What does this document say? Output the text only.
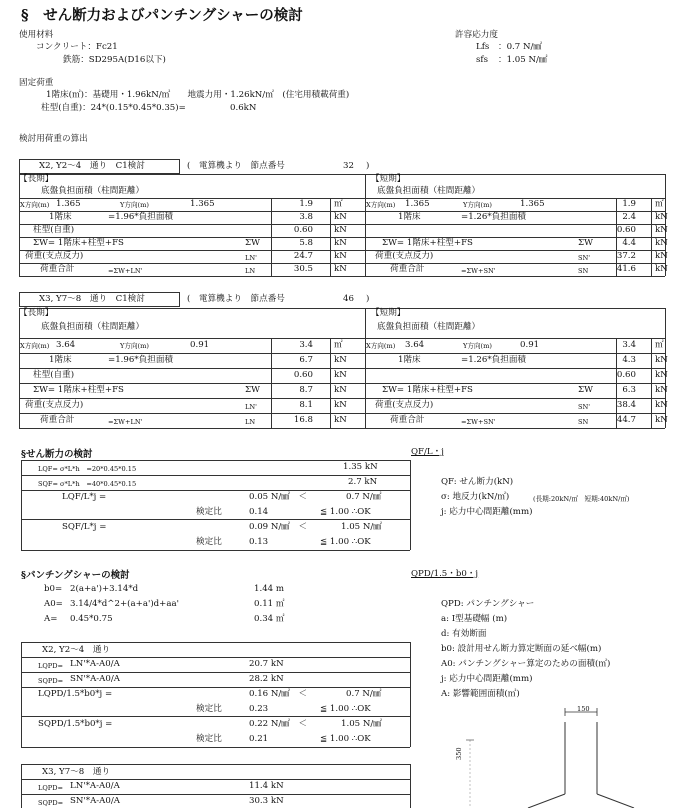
§　せん断力およびパンチングシャーの検討
使用材料
コンクリート：Fc21
鉄筋：SD295A(D16以下)
許容応力度
Lfs ：0.7 N/㎟
sfs ：1.05 N/㎟
固定荷重
1階床(㎡)：基礎用・1.96kN/㎡　　地震力用・1.26kN/㎡　(住宅用積載荷重)
柱型(自重)：24*(0.15*0.45*0.35)=	0.6kN
検討用荷重の算出
X2, Y2～4　通り　C1検討	(　電算機より　節点番号	32 )
【長期】	【短期】
底盤負担面積（柱間距離）	底盤負担面積（柱間距離）
X方向(m) 1.365	Y方向(m)	1.365	1.9 ㎡
1階床	=1.96*負担面積	3.8 kN
柱型(自重)	0.60 kN
ΣW= 1階床+柱型+FS	ΣW	5.8 kN
荷重(支点反力)	LN'	24.7 kN
荷重合計	=ΣW+LN'	LN	30.5 kN
X方向(m) 1.365	Y方向(m)	1.365	1.9 ㎡
1階床	=1.26*負担面積	2.4 kN
0.60 kN
ΣW= 1階床+柱型+FS	ΣW	4.4 kN
荷重(支点反力)	SN'	37.2 kN
荷重合計	=ΣW+SN'	SN	41.6 kN
X3, Y7～8　通り　C1検討	(　電算機より　節点番号	46 )
【長期】	【短期】
底盤負担面積（柱間距離）	底盤負担面積（柱間距離）
X方向(m) 3.64	Y方向(m)	0.91	3.4 ㎡
1階床	=1.96*負担面積	6.7 kN
柱型(自重)	0.60 kN
ΣW= 1階床+柱型+FS	ΣW	8.7 kN
荷重(支点反力)	LN'	8.1 kN
荷重合計	=ΣW+LN'	LN	16.8 kN
X方向(m) 3.64	Y方向(m)	0.91	3.4 ㎡
1階床	=1.26*負担面積	4.3 kN
0.60 kN
ΣW= 1階床+柱型+FS	ΣW	6.3 kN
荷重(支点反力)	SN'	38.4 kN
荷重合計	=ΣW+SN'	SN	44.7 kN
§せん断力の検討	QF/L・j
LQF= σ*L*h　=20*0.45*0.15	1.35 kN
SQF= σ*L*h　=40*0.45*0.15	2.7 kN
LQF/L*j =	0.05 N/㎟　＜	0.7 N/㎟
検定比	0.14	≦ 1.00 ∴OK
SQF/L*j =	0.09 N/㎟　＜	1.05 N/㎟
検定比	0.13	≦ 1.00 ∴OK
QF: せん断力(kN)
σ: 地反力(kN/㎡)	(長期:20kN/㎡　短期:40kN/㎡)
j: 応力中心間距離(mm)
§パンチングシャーの検討	QPD/1.5・b0・j
b0= 2(a+a')+3.14*d	1.44 m
A0= 3.14/4*d^2+(a+a')d+aa'	0.11 ㎡
A= 0.45*0.75	0.34 ㎡
X2, Y2～4　通り
LQPD= LN'*A-A0/A	20.7 kN
SQPD= SN'*A-A0/A	28.2 kN
LQPD/1.5*b0*j =	0.16 N/㎟　＜	0.7 N/㎟
検定比	0.23	≦ 1.00 ∴OK
SQPD/1.5*b0*j =	0.22 N/㎟　＜	1.05 N/㎟
検定比	0.21	≦ 1.00 ∴OK
X3, Y7～8　通り
LQPD= LN'*A-A0/A	11.4 kN
SQPD= SN'*A-A0/A	30.3 kN
QPD: パンチングシャー
a: I型基礎幅 (m)
d: 有効断面
b0: 設計用せん断力算定断面の延べ幅(m)
A0: パンチングシャー算定のための面積(㎡)
j: 応力中心間距離(mm)
A: 影響範囲面積(㎡)
150
350
